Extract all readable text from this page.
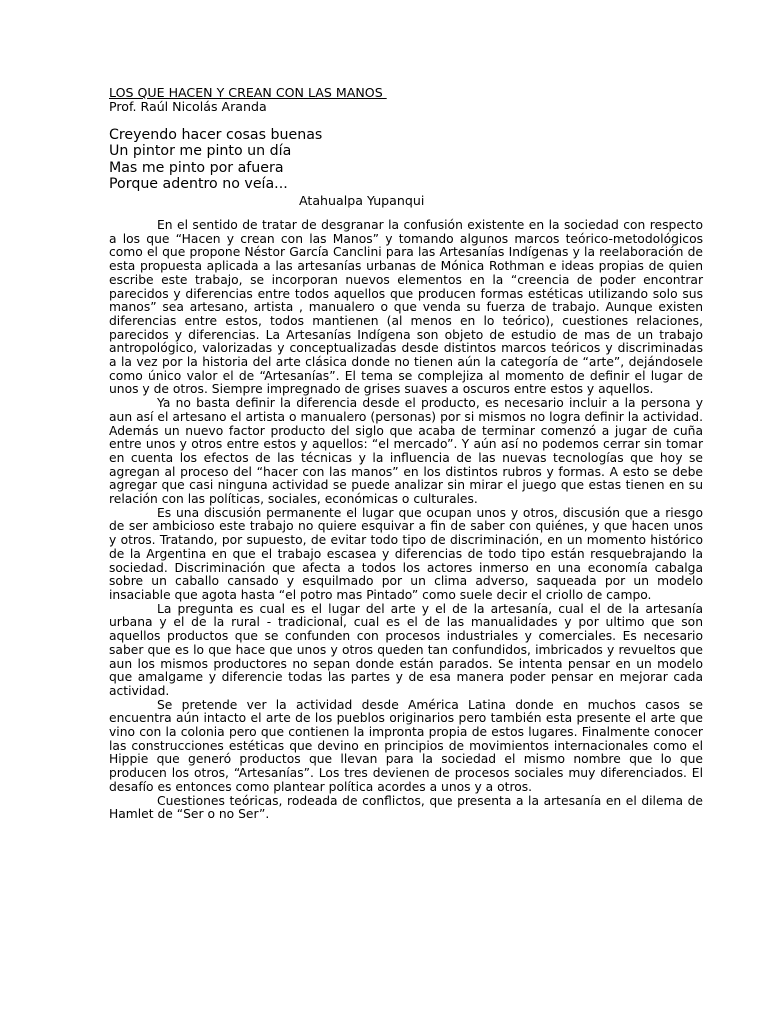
LOS QUE HACEN Y CREAN CON LAS MANOS
Prof. Raúl Nicolás Aranda
Creyendo hacer cosas buenas
Un pintor me pinto un día
Mas me pinto por afuera
Porque adentro no veía...
Atahualpa Yupanqui

En el sentido de tratar de desgranar la confusión existente en la sociedad con respecto a los que “Hacen y crean con las Manos” y tomando algunos marcos teórico-metodológicos como el que propone Néstor García Canclini para las Artesanías Indígenas y la reelaboración de esta propuesta aplicada a las artesanías urbanas de Mónica Rothman e ideas propias de quien escribe este trabajo, se incorporan nuevos elementos en la “creencia de poder encontrar parecidos y diferencias entre todos aquellos que producen formas estéticas utilizando solo sus manos” sea artesano, artista , manualero o que venda su fuerza de trabajo. Aunque existen diferencias entre estos, todos mantienen (al menos en lo teórico), cuestiones relaciones, parecidos y diferencias. La Artesanías Indígena son objeto de estudio de mas de un trabajo antropológico, valorizadas y conceptualizadas desde distintos marcos teóricos y discriminadas a la vez por la historia del arte clásica donde no tienen aún la categoría de “arte”, dejándosele como único valor el de “Artesanías”. El tema se complejiza al momento de definir el lugar de unos y de otros. Siempre impregnado de grises suaves a oscuros entre estos y aquellos.

Ya no basta definir la diferencia desde el producto, es necesario incluir a la persona y aun así el artesano el artista o manualero (personas) por si mismos no logra definir la actividad. Además un nuevo factor producto del siglo que acaba de terminar comenzó a jugar de cuña entre unos y otros entre estos y aquellos: “el mercado”. Y aún así no podemos cerrar sin tomar en cuenta los efectos de las técnicas y la influencia de las nuevas tecnologías que hoy se agregan al proceso del “hacer con las manos” en los distintos rubros y formas. A esto se debe agregar que casi ninguna actividad se puede analizar sin mirar el juego que estas tienen en su relación con las políticas, sociales, económicas o culturales.

Es una discusión permanente el lugar que ocupan unos y otros, discusión que a riesgo de ser ambicioso este trabajo no quiere esquivar a fin de saber con quiénes, y que hacen unos y otros. Tratando, por supuesto, de evitar todo tipo de discriminación, en un momento histórico de la Argentina en que el trabajo escasea y diferencias de todo tipo están resquebrajando la sociedad. Discriminación que afecta a todos los actores inmerso en una economía cabalga sobre un caballo cansado y esquilmado por un clima adverso, saqueada por un modelo insaciable que agota hasta “el potro mas Pintado” como suele decir el criollo de campo.

La pregunta es cual es el lugar del arte y el de la artesanía, cual el de la artesanía urbana y el de la rural - tradicional, cual es el de las manualidades y por ultimo que son aquellos productos que se confunden con procesos industriales y comerciales. Es necesario saber que es lo que hace que unos y otros queden tan confundidos, imbricados y revueltos que aun los mismos productores no sepan donde están parados. Se intenta pensar en un modelo que amalgame y diferencie todas las partes y de esa manera poder pensar en mejorar cada actividad.

Se pretende ver la actividad desde América Latina donde en muchos casos se encuentra aún intacto el arte de los pueblos originarios pero también esta presente el arte que vino con la colonia pero que contienen la impronta propia de estos lugares. Finalmente conocer las construcciones estéticas que devino en principios de movimientos internacionales como el Hippie que generó productos que llevan para la sociedad el mismo nombre que lo que producen los otros, “Artesanías”. Los tres devienen de procesos sociales muy diferenciados. El desafío es entonces como plantear política acordes a unos y a otros.

Cuestiones teóricas, rodeada de conflictos, que presenta a la artesanía en el dilema de Hamlet de “Ser o no Ser”.
